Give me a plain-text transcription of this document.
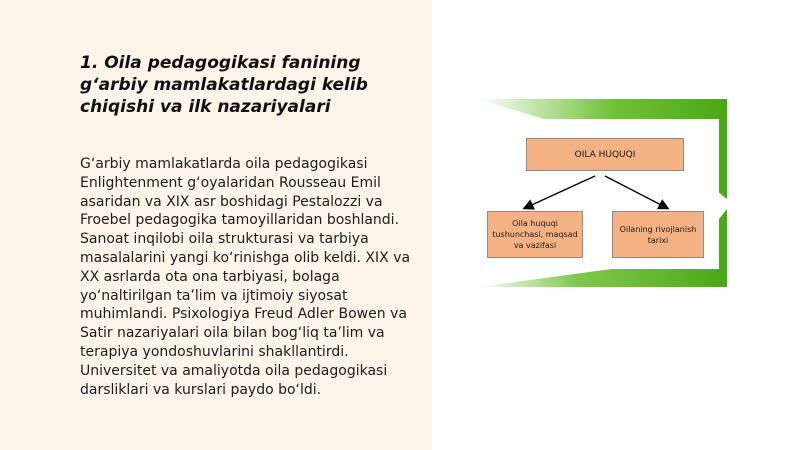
1. Oila pedagogikasi fanining g‘arbiy mamlakatlardagi kelib chiqishi va ilk nazariyalari

G‘arbiy mamlakatlarda oila pedagogikasi Enlightenment g‘oyalaridan Rousseau Emil asaridan va XIX asr boshidagi Pestalozzi va Froebel pedagogika tamoyillaridan boshlandi. Sanoat inqilobi oila strukturasi va tarbiya masalalarini yangi ko‘rinishga olib keldi. XIX va XX asrlarda ota ona tarbiyasi, bolaga yo‘naltirilgan ta’lim va ijtimoiy siyosat muhimlandi. Psixologiya Freud Adler Bowen va Satir nazariyalari oila bilan bog‘liq ta’lim va terapiya yondoshuvlarini shakllantirdi. Universitet va amaliyotda oila pedagogikasi darsliklari va kurslari paydo bo‘ldi.

OILA HUQUQI
Oila huquqi tushunchasi, maqsad va vazifasi
Oilaning rivojlanish tarixi
